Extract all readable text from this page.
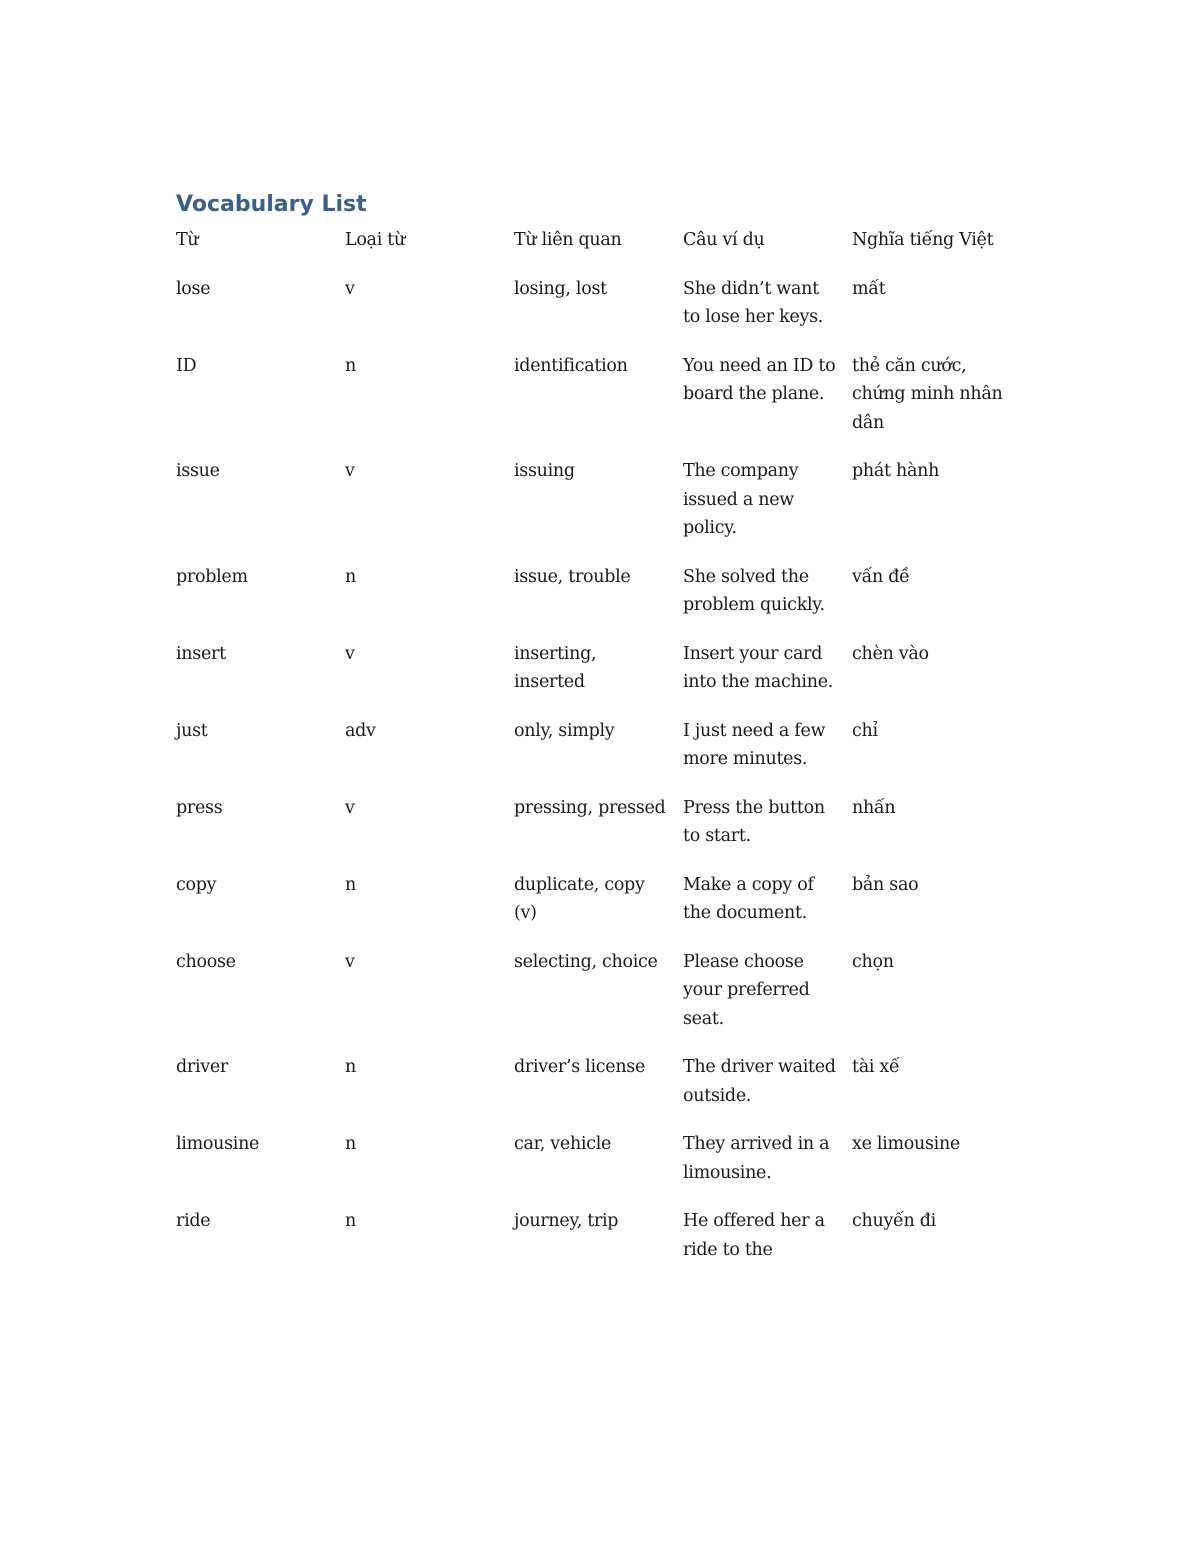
Vocabulary List
Từ	Loại từ	Từ liên quan	Câu ví dụ	Nghĩa tiếng Việt
lose	v	losing, lost	She didn’t want to lose her keys.	mất
ID	n	identification	You need an ID to board the plane.	thẻ căn cước, chứng minh nhân dân
issue	v	issuing	The company issued a new policy.	phát hành
problem	n	issue, trouble	She solved the problem quickly.	vấn đề
insert	v	inserting, inserted	Insert your card into the machine.	chèn vào
just	adv	only, simply	I just need a few more minutes.	chỉ
press	v	pressing, pressed	Press the button to start.	nhấn
copy	n	duplicate, copy (v)	Make a copy of the document.	bản sao
choose	v	selecting, choice	Please choose your preferred seat.	chọn
driver	n	driver’s license	The driver waited outside.	tài xế
limousine	n	car, vehicle	They arrived in a limousine.	xe limousine
ride	n	journey, trip	He offered her a ride to the	chuyến đi
